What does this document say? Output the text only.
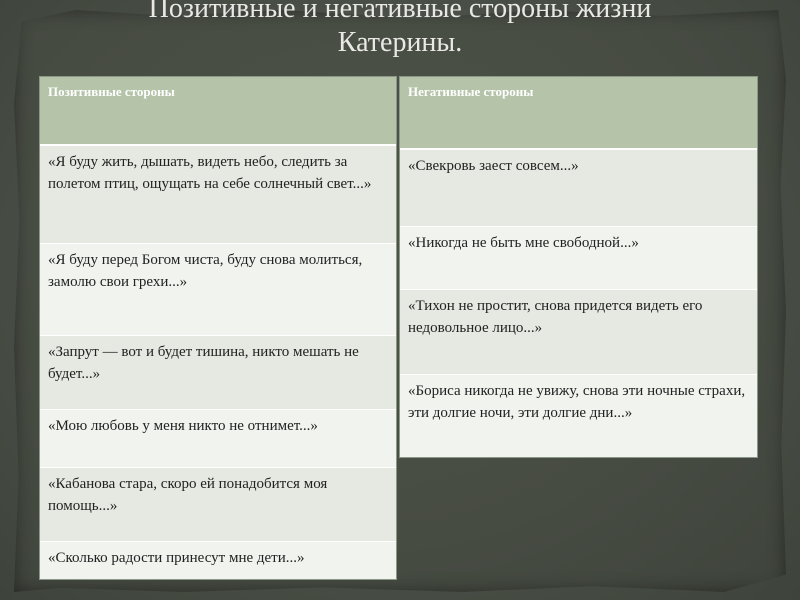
Позитивные и негативные стороны жизни
Катерины.
Позитивные стороны
«Я буду жить, дышать, видеть небо, следить за полетом птиц, ощущать на себе солнечный свет...»
«Я буду перед Богом чиста, буду снова молиться, замолю свои грехи...»
«Запрут — вот и будет тишина, никто мешать не будет...»
«Мою любовь у меня никто не отнимет...»
«Кабанова стара, скоро ей понадобится моя помощь...»
«Сколько радости принесут мне дети...»
Негативные стороны
«Свекровь заест совсем...»
«Никогда не быть мне свободной...»
«Тихон не простит, снова придется видеть его недовольное лицо...»
«Бориса никогда не увижу, снова эти ночные страхи, эти долгие ночи, эти долгие дни...»
